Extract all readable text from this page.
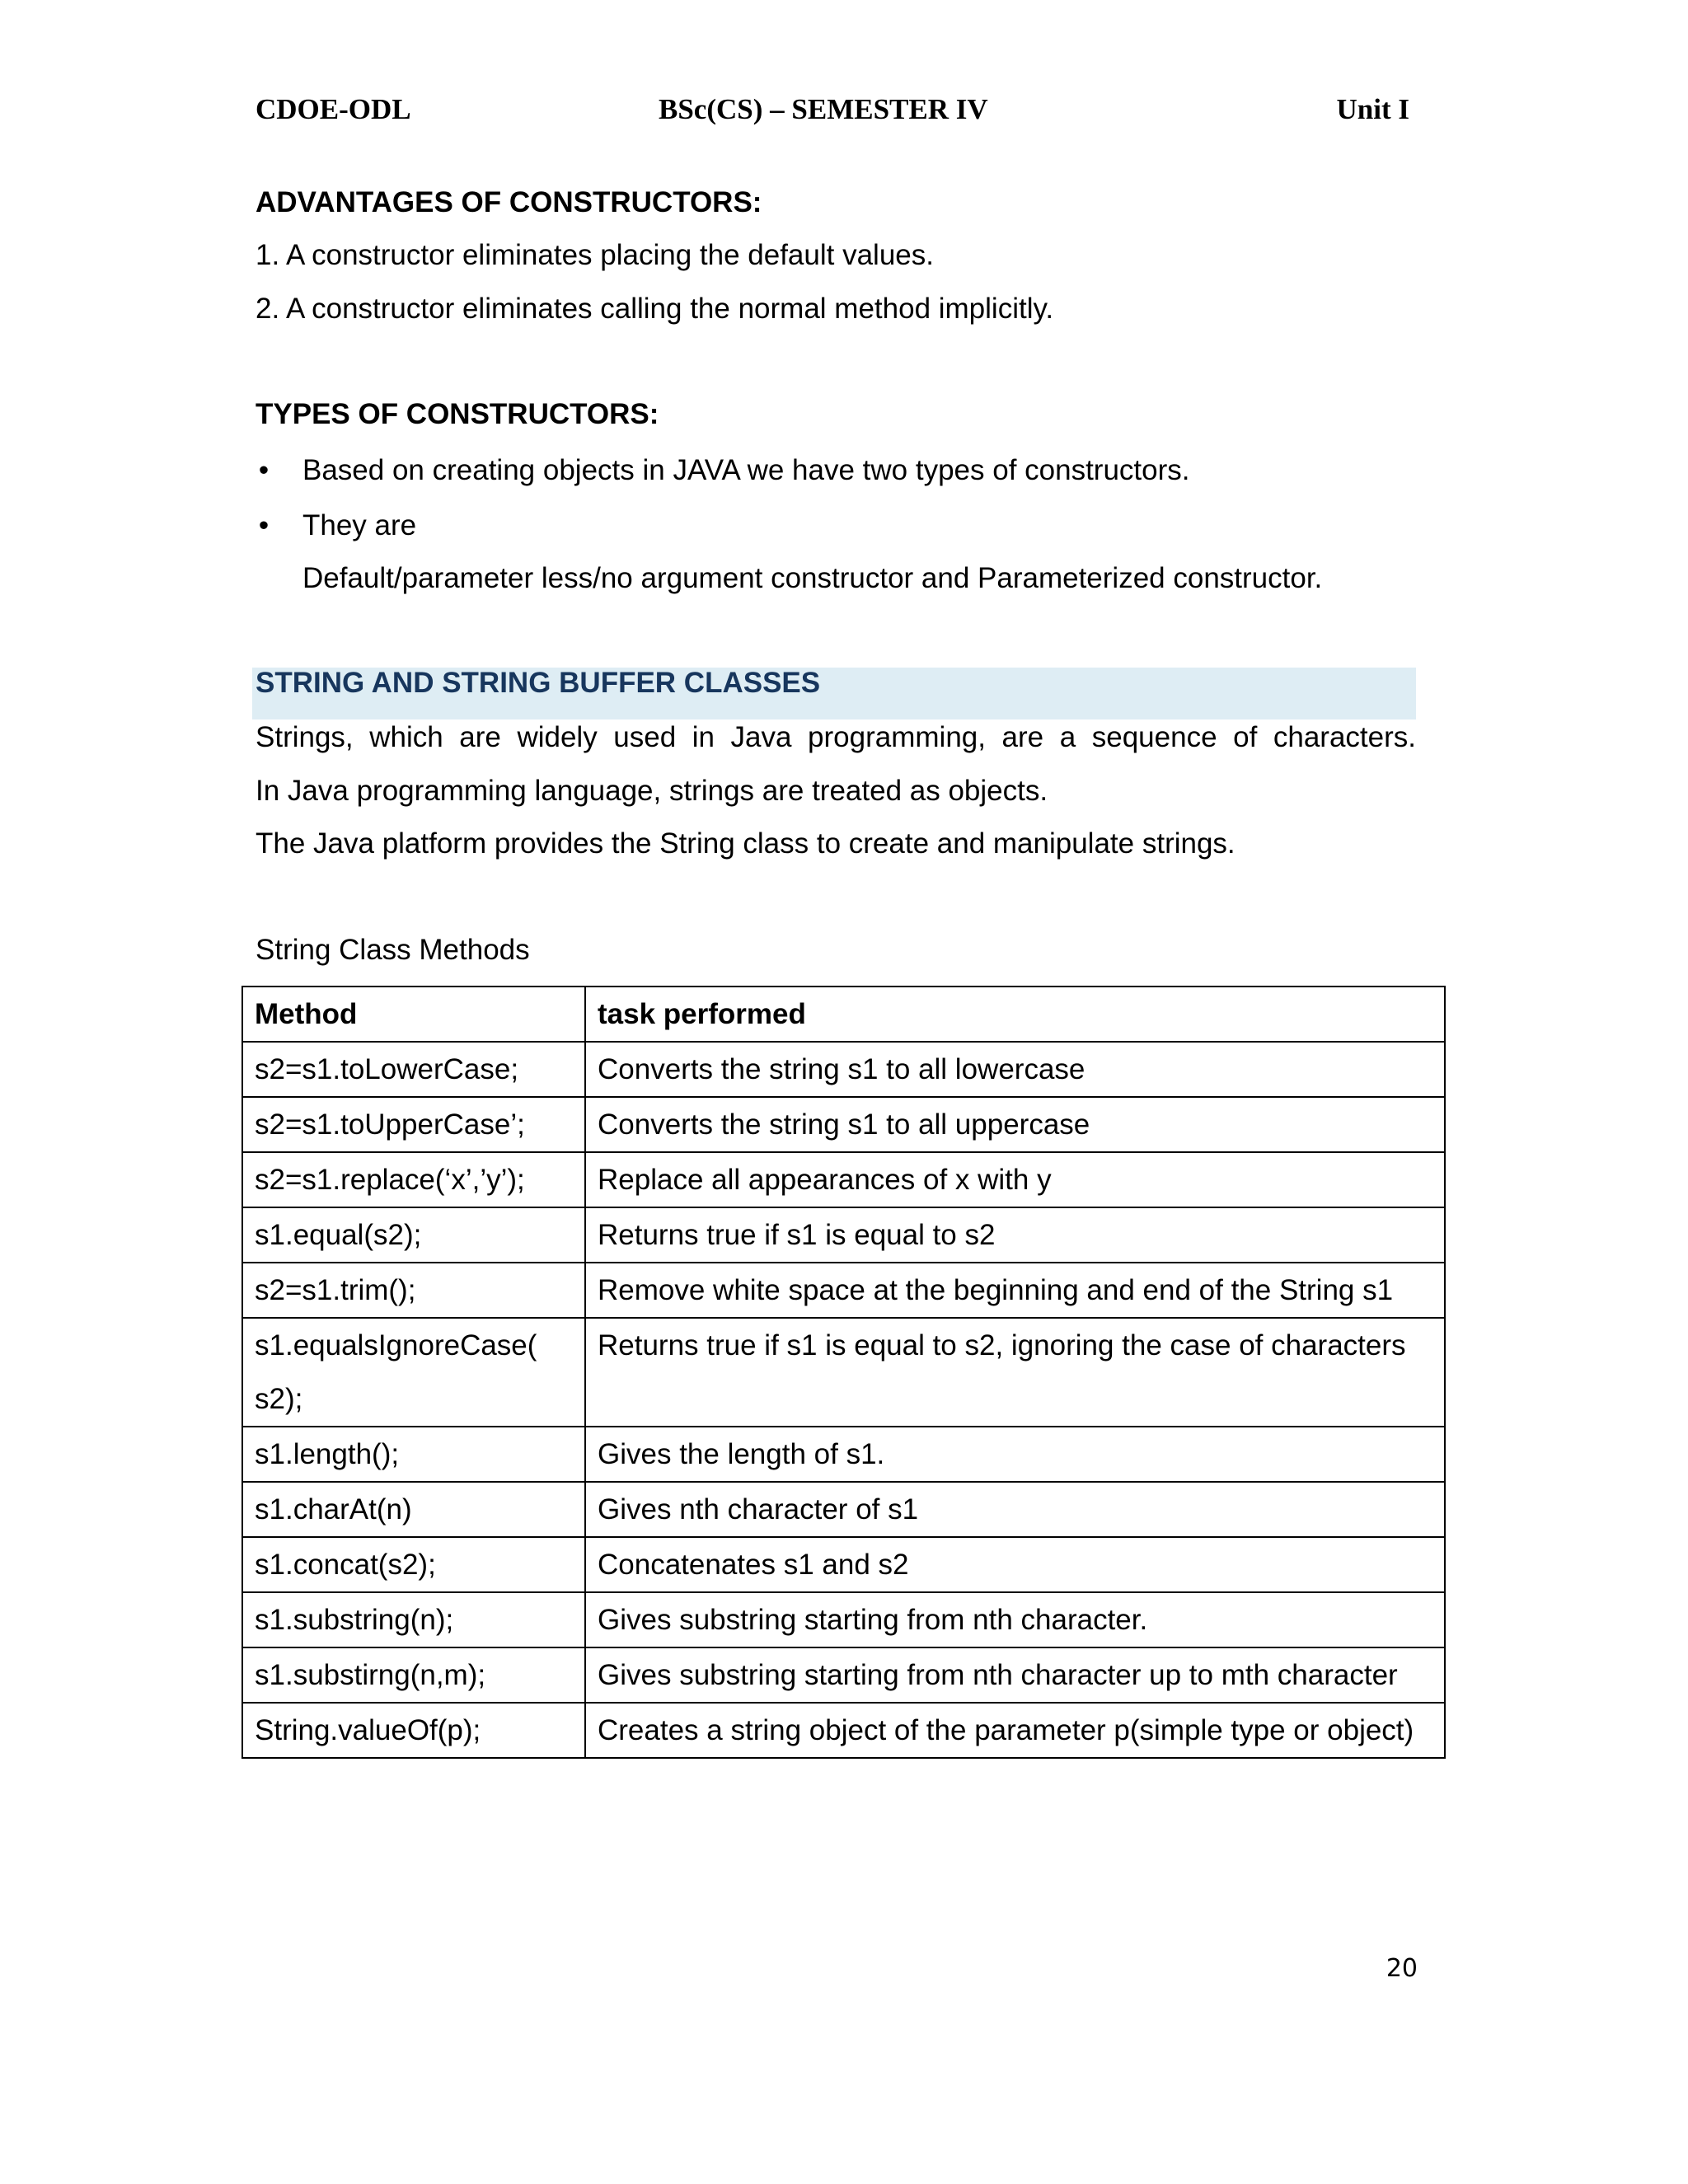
CDOE-ODL	BSc(CS) – SEMESTER IV	Unit I
ADVANTAGES OF CONSTRUCTORS:
1. A constructor eliminates placing the default values.
2. A constructor eliminates calling the normal method implicitly.
TYPES OF CONSTRUCTORS:
• Based on creating objects in JAVA we have two types of constructors.
• They are
Default/parameter less/no argument constructor and Parameterized constructor.
STRING AND STRING BUFFER CLASSES
Strings, which are widely used in Java programming, are a sequence of characters.
In Java programming language, strings are treated as objects.
The Java platform provides the String class to create and manipulate strings.
String Class Methods
Method	task performed
s2=s1.toLowerCase;	Converts the string s1 to all lowercase
s2=s1.toUpperCase’;	Converts the string s1 to all uppercase
s2=s1.replace(‘x’,’y’);	Replace all appearances of x with y
s1.equal(s2);	Returns true if s1 is equal to s2
s2=s1.trim();	Remove white space at the beginning and end of the String s1
s1.equalsIgnoreCase( s2);	Returns true if s1 is equal to s2, ignoring the case of characters
s1.length();	Gives the length of s1.
s1.charAt(n)	Gives nth character of s1
s1.concat(s2);	Concatenates s1 and s2
s1.substring(n);	Gives substring starting from nth character.
s1.substirng(n,m);	Gives substring starting from nth character up to mth character
String.valueOf(p);	Creates a string object of the parameter p(simple type or object)
20
